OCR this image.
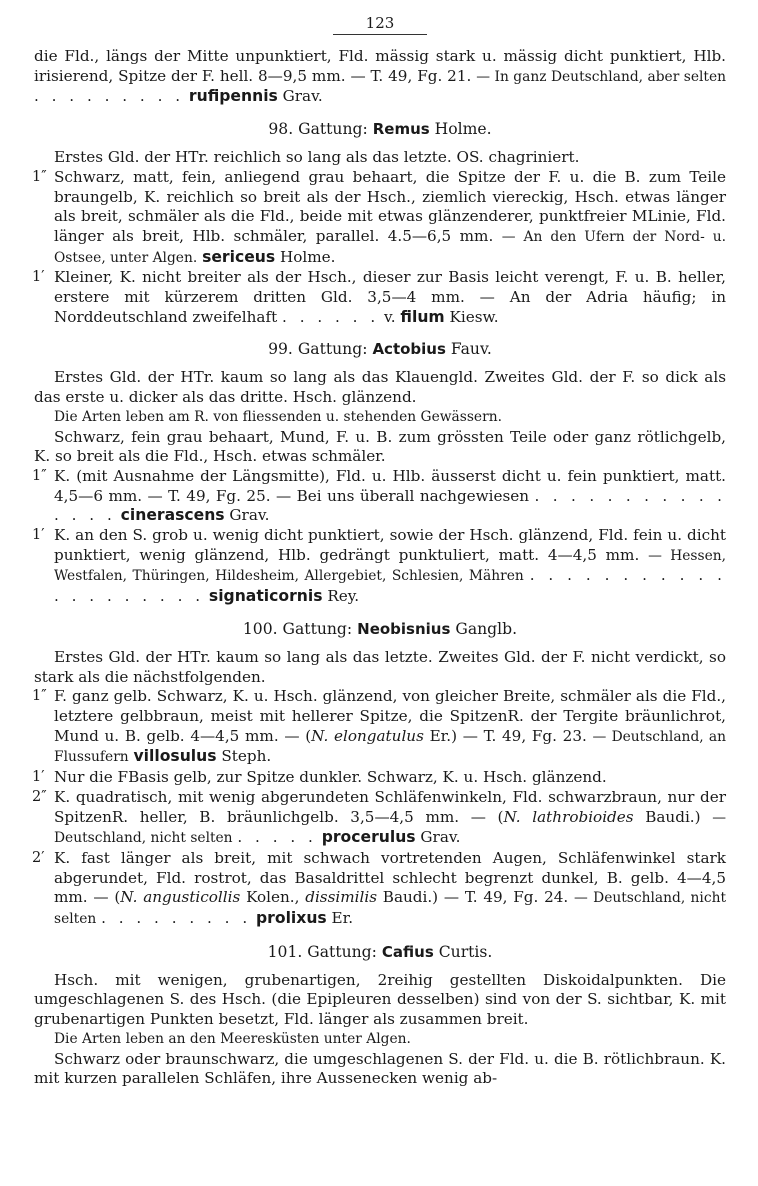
123

die Fld., längs der Mitte unpunktiert, Fld. mässig stark u. mässig dicht punktiert, Hlb. irisierend, Spitze der F. hell. 8—9,5 mm. — T. 49, Fg. 21. — In ganz Deutschland, aber selten . . . . . . . . . rufipennis Grav.

98. Gattung: Remus Holme.

Erstes Gld. der HTr. reichlich so lang als das letzte. OS. chagriniert.

1″ Schwarz, matt, fein, anliegend grau behaart, die Spitze der F. u. die B. zum Teile braungelb, K. reichlich so breit als der Hsch., ziemlich viereckig, Hsch. etwas länger als breit, schmäler als die Fld., beide mit etwas glänzenderer, punktfreier MLinie, Fld. länger als breit, Hlb. schmäler, parallel. 4.5—6,5 mm. — An den Ufern der Nord- u. Ostsee, unter Algen. sericeus Holme.

1′ Kleiner, K. nicht breiter als der Hsch., dieser zur Basis leicht verengt, F. u. B. heller, erstere mit kürzerem dritten Gld. 3,5—4 mm. — An der Adria häufig; in Norddeutschland zweifelhaft . . . . . . v. filum Kiesw.

99. Gattung: Actobius Fauv.

Erstes Gld. der HTr. kaum so lang als das Klauengld. Zweites Gld. der F. so dick als das erste u. dicker als das dritte. Hsch. glänzend.

Die Arten leben am R. von fliessenden u. stehenden Gewässern.

Schwarz, fein grau behaart, Mund, F. u. B. zum grössten Teile oder ganz rötlichgelb, K. so breit als die Fld., Hsch. etwas schmäler.

1″ K. (mit Ausnahme der Längsmitte), Fld. u. Hlb. äusserst dicht u. fein punktiert, matt. 4,5—6 mm. — T. 49, Fg. 25. — Bei uns überall nachgewiesen . . . . . . . . . . . . . . . cinerascens Grav.

1′ K. an den S. grob u. wenig dicht punktiert, sowie der Hsch. glänzend, Fld. fein u. dicht punktiert, wenig glänzend, Hlb. gedrängt punktuliert, matt. 4—4,5 mm. — Hessen, Westfalen, Thüringen, Hildesheim, Allergebiet, Schlesien, Mähren . . . . . . . . . . . . . . . . . . . . signaticornis Rey.

100. Gattung: Neobisnius Ganglb.

Erstes Gld. der HTr. kaum so lang als das letzte. Zweites Gld. der F. nicht verdickt, so stark als die nächstfolgenden.

1″ F. ganz gelb. Schwarz, K. u. Hsch. glänzend, von gleicher Breite, schmäler als die Fld., letztere gelbbraun, meist mit hellerer Spitze, die SpitzenR. der Tergite bräunlichrot, Mund u. B. gelb. 4—4,5 mm. — (N. elongatulus Er.) — T. 49, Fg. 23. — Deutschland, an Flussufern villosulus Steph.

1′ Nur die FBasis gelb, zur Spitze dunkler. Schwarz, K. u. Hsch. glänzend.

2″ K. quadratisch, mit wenig abgerundeten Schläfenwinkeln, Fld. schwarzbraun, nur der SpitzenR. heller, B. bräunlichgelb. 3,5—4,5 mm. — (N. lathrobioides Baudi.) — Deutschland, nicht selten . . . . . procerulus Grav.

2′ K. fast länger als breit, mit schwach vortretenden Augen, Schläfenwinkel stark abgerundet, Fld. rostrot, das Basaldrittel schlecht begrenzt dunkel, B. gelb. 4—4,5 mm. — (N. angusticollis Kolen., dissimilis Baudi.) — T. 49, Fg. 24. — Deutschland, nicht selten . . . . . . . . . prolixus Er.

101. Gattung: Cafius Curtis.

Hsch. mit wenigen, grubenartigen, 2reihig gestellten Diskoidalpunkten. Die umgeschlagenen S. des Hsch. (die Epipleuren desselben) sind von der S. sichtbar, K. mit grubenartigen Punkten besetzt, Fld. länger als zusammen breit.

Die Arten leben an den Meeresküsten unter Algen.

Schwarz oder braunschwarz, die umgeschlagenen S. der Fld. u. die B. rötlichbraun. K. mit kurzen parallelen Schläfen, ihre Aussenecken wenig ab-
